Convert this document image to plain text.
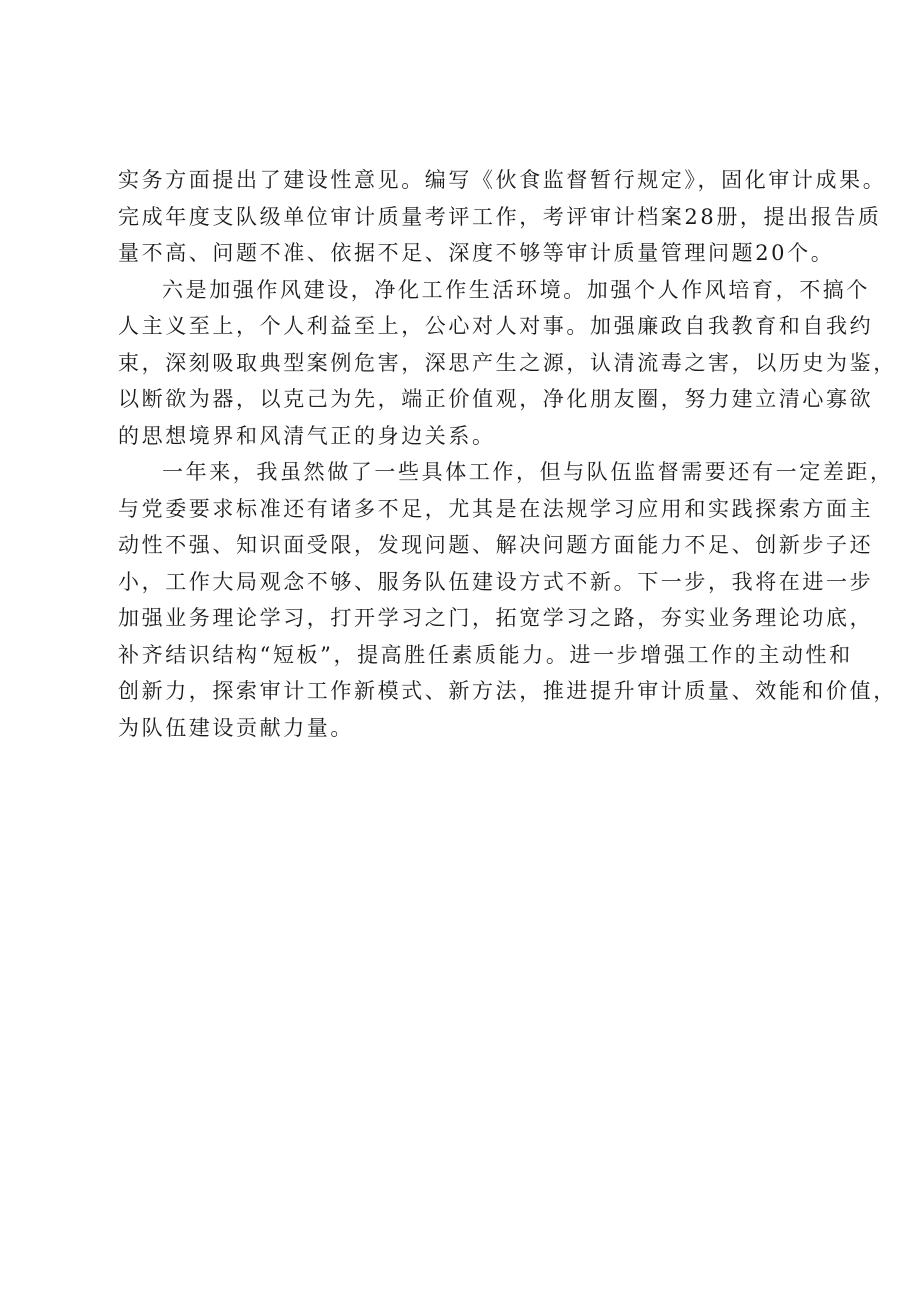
实务方面提出了建设性意见。编写《伙食监督暂行规定》，固化审计成果。
完成年度支队级单位审计质量考评工作，考评审计档案28册，提出报告质
量不高、问题不准、依据不足、深度不够等审计质量管理问题20个。
六是加强作风建设，净化工作生活环境。加强个人作风培育，不搞个
人主义至上，个人利益至上，公心对人对事。加强廉政自我教育和自我约
束，深刻吸取典型案例危害，深思产生之源，认清流毒之害，以历史为鉴，
以断欲为器，以克己为先，端正价值观，净化朋友圈，努力建立清心寡欲
的思想境界和风清气正的身边关系。
一年来，我虽然做了一些具体工作，但与队伍监督需要还有一定差距，
与党委要求标准还有诸多不足，尤其是在法规学习应用和实践探索方面主
动性不强、知识面受限，发现问题、解决问题方面能力不足、创新步子还
小，工作大局观念不够、服务队伍建设方式不新。下一步，我将在进一步
加强业务理论学习，打开学习之门，拓宽学习之路，夯实业务理论功底，
补齐结识结构“短板”，提高胜任素质能力。进一步增强工作的主动性和
创新力，探索审计工作新模式、新方法，推进提升审计质量、效能和价值，
为队伍建设贡献力量。
